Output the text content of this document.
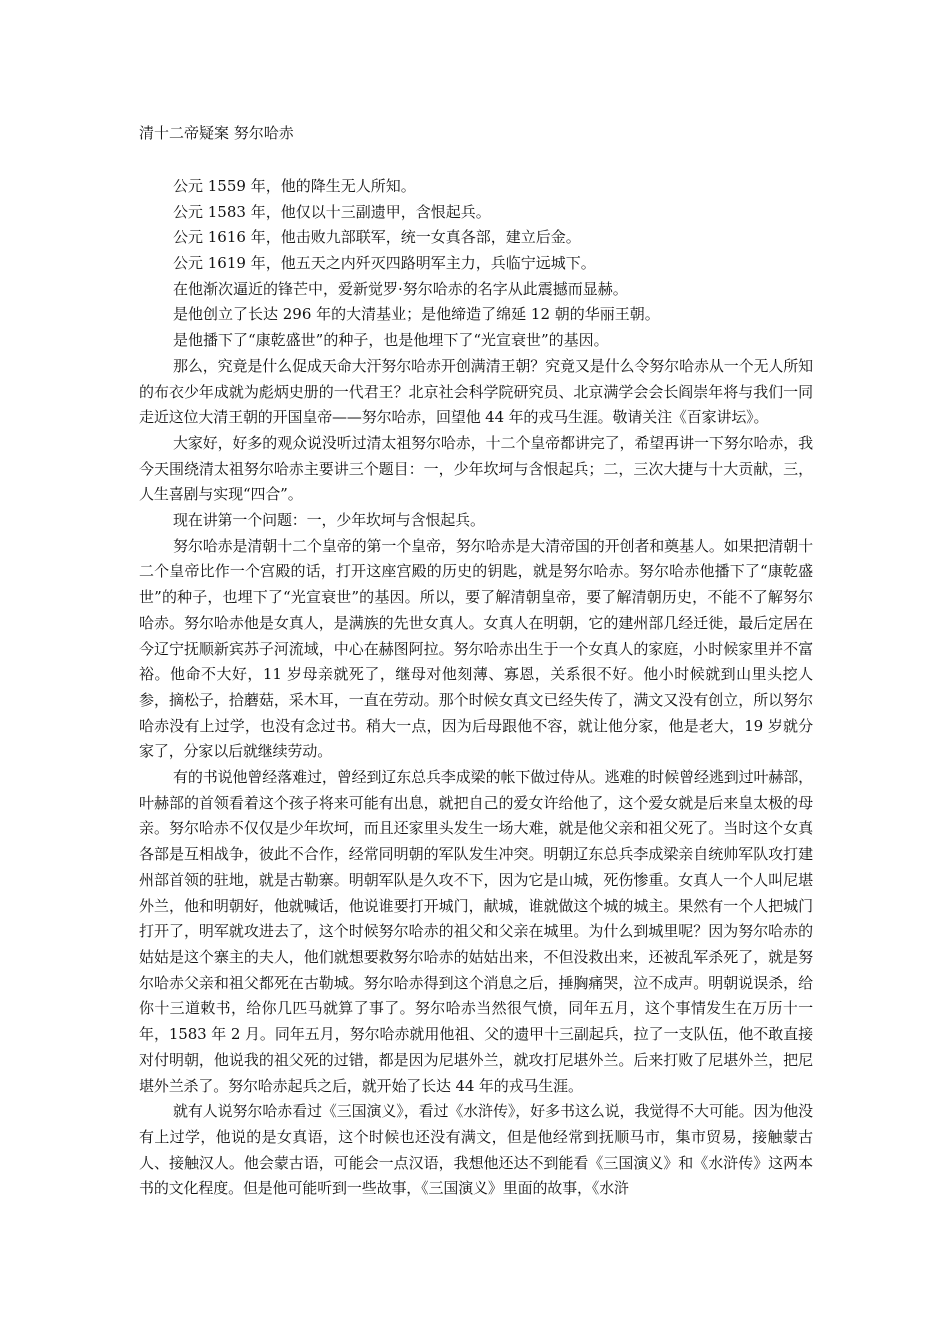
清十二帝疑案 努尔哈赤

公元 1559 年，他的降生无人所知。

公元 1583 年，他仅以十三副遗甲，含恨起兵。

公元 1616 年，他击败九部联军，统一女真各部，建立后金。

公元 1619 年，他五天之内歼灭四路明军主力，兵临宁远城下。

在他渐次逼近的锋芒中，爱新觉罗·努尔哈赤的名字从此震撼而显赫。

是他创立了长达 296 年的大清基业；是他缔造了绵延 12 朝的华丽王朝。

是他播下了“康乾盛世”的种子，也是他埋下了“光宣衰世”的基因。

那么，究竟是什么促成天命大汗努尔哈赤开创满清王朝？究竟又是什么令努尔哈赤从一个无人所知的布衣少年成就为彪炳史册的一代君王？北京社会科学院研究员、北京满学会会长阎崇年将与我们一同走近这位大清王朝的开国皇帝——努尔哈赤，回望他 44 年的戎马生涯。敬请关注《百家讲坛》。

大家好，好多的观众说没听过清太祖努尔哈赤，十二个皇帝都讲完了，希望再讲一下努尔哈赤，我今天围绕清太祖努尔哈赤主要讲三个题目：一，少年坎坷与含恨起兵；二，三次大捷与十大贡献，三，人生喜剧与实现“四合”。

现在讲第一个问题：一，少年坎坷与含恨起兵。

努尔哈赤是清朝十二个皇帝的第一个皇帝，努尔哈赤是大清帝国的开创者和奠基人。如果把清朝十二个皇帝比作一个宫殿的话，打开这座宫殿的历史的钥匙，就是努尔哈赤。努尔哈赤他播下了“康乾盛世”的种子，也埋下了“光宣衰世”的基因。所以，要了解清朝皇帝，要了解清朝历史，不能不了解努尔哈赤。努尔哈赤他是女真人，是满族的先世女真人。女真人在明朝，它的建州部几经迁徙，最后定居在今辽宁抚顺新宾苏子河流域，中心在赫图阿拉。努尔哈赤出生于一个女真人的家庭，小时候家里并不富裕。他命不大好，11 岁母亲就死了，继母对他刻薄、寡恩，关系很不好。他小时候就到山里头挖人参，摘松子，拾蘑菇，采木耳，一直在劳动。那个时候女真文已经失传了，满文又没有创立，所以努尔哈赤没有上过学，也没有念过书。稍大一点，因为后母跟他不容，就让他分家，他是老大，19 岁就分家了，分家以后就继续劳动。

有的书说他曾经落难过，曾经到辽东总兵李成梁的帐下做过侍从。逃难的时候曾经逃到过叶赫部，叶赫部的首领看着这个孩子将来可能有出息，就把自己的爱女许给他了，这个爱女就是后来皇太极的母亲。努尔哈赤不仅仅是少年坎坷，而且还家里头发生一场大难，就是他父亲和祖父死了。当时这个女真各部是互相战争，彼此不合作，经常同明朝的军队发生冲突。明朝辽东总兵李成梁亲自统帅军队攻打建州部首领的驻地，就是古勒寨。明朝军队是久攻不下，因为它是山城，死伤惨重。女真人一个人叫尼堪外兰，他和明朝好，他就喊话，他说谁要打开城门，献城，谁就做这个城的城主。果然有一个人把城门打开了，明军就攻进去了，这个时候努尔哈赤的祖父和父亲在城里。为什么到城里呢？因为努尔哈赤的姑姑是这个寨主的夫人，他们就想要救努尔哈赤的姑姑出来，不但没救出来，还被乱军杀死了，就是努尔哈赤父亲和祖父都死在古勒城。努尔哈赤得到这个消息之后，捶胸痛哭，泣不成声。明朝说误杀，给你十三道敕书，给你几匹马就算了事了。努尔哈赤当然很气愤，同年五月，这个事情发生在万历十一年，1583 年 2 月。同年五月，努尔哈赤就用他祖、父的遗甲十三副起兵，拉了一支队伍，他不敢直接对付明朝，他说我的祖父死的过错，都是因为尼堪外兰，就攻打尼堪外兰。后来打败了尼堪外兰，把尼堪外兰杀了。努尔哈赤起兵之后，就开始了长达 44 年的戎马生涯。

就有人说努尔哈赤看过《三国演义》，看过《水浒传》，好多书这么说，我觉得不大可能。因为他没有上过学，他说的是女真语，这个时候也还没有满文，但是他经常到抚顺马市，集市贸易，接触蒙古人、接触汉人。他会蒙古语，可能会一点汉语，我想他还达不到能看《三国演义》和《水浒传》这两本书的文化程度。但是他可能听到一些故事，《三国演义》里面的故事，《水浒
